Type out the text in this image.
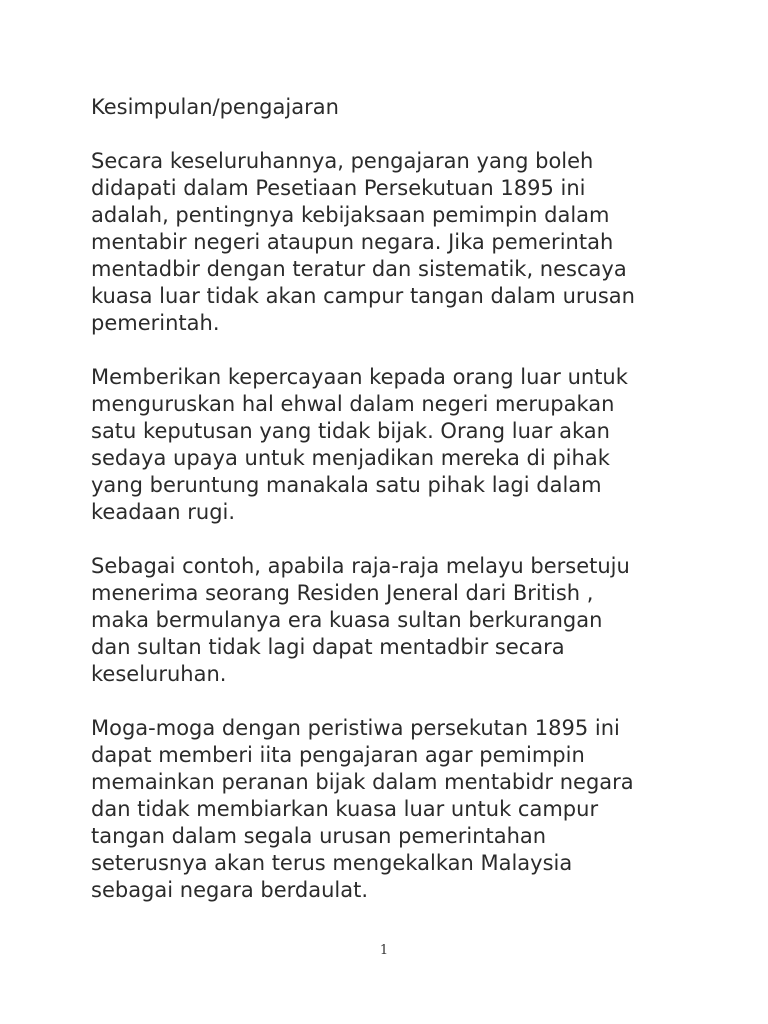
Kesimpulan/pengajaran

Secara keseluruhannya, pengajaran yang boleh
didapati dalam Pesetiaan Persekutuan 1895 ini
adalah, pentingnya kebijaksaan pemimpin dalam
mentabir negeri ataupun negara. Jika pemerintah
mentadbir dengan teratur dan sistematik, nescaya
kuasa luar tidak akan campur tangan dalam urusan
pemerintah.

Memberikan kepercayaan kepada orang luar untuk
menguruskan hal ehwal dalam negeri merupakan
satu keputusan yang tidak bijak. Orang luar akan
sedaya upaya untuk menjadikan mereka di pihak
yang beruntung manakala satu pihak lagi dalam
keadaan rugi.

Sebagai contoh, apabila raja-raja melayu bersetuju
menerima seorang Residen Jeneral dari British ,
maka bermulanya era kuasa sultan berkurangan
dan sultan tidak lagi dapat mentadbir secara
keseluruhan.

Moga-moga dengan peristiwa persekutan 1895 ini
dapat memberi iita pengajaran agar pemimpin
memainkan peranan bijak dalam mentabidr negara
dan tidak membiarkan kuasa luar untuk campur
tangan dalam segala urusan pemerintahan
seterusnya akan terus mengekalkan Malaysia
sebagai negara berdaulat.

1
